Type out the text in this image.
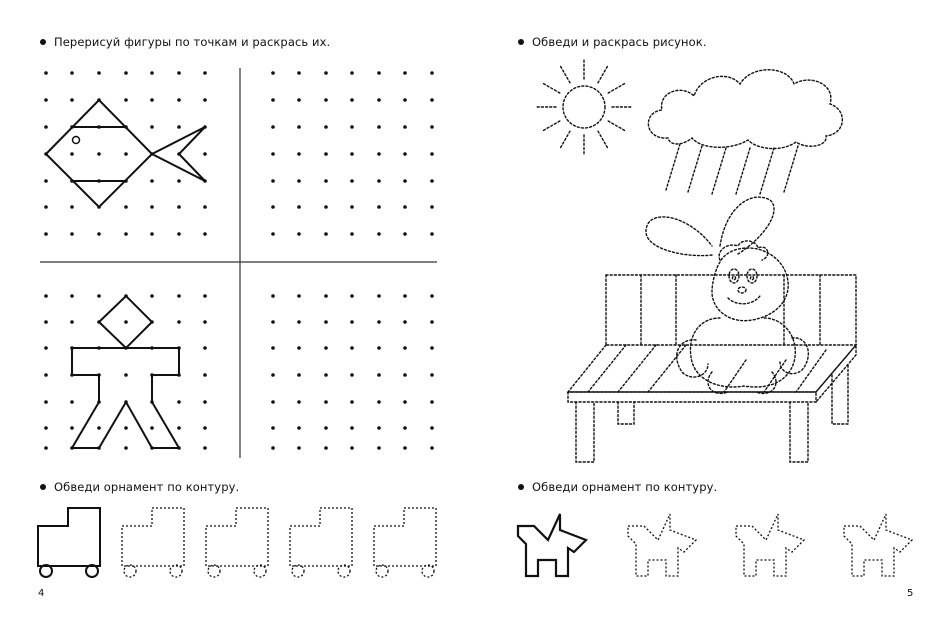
Перерисуй фигуры по точкам и раскрась их.
Обведи орнамент по контуру.
4
Обведи и раскрась рисунок.
Обведи орнамент по контуру.
5
